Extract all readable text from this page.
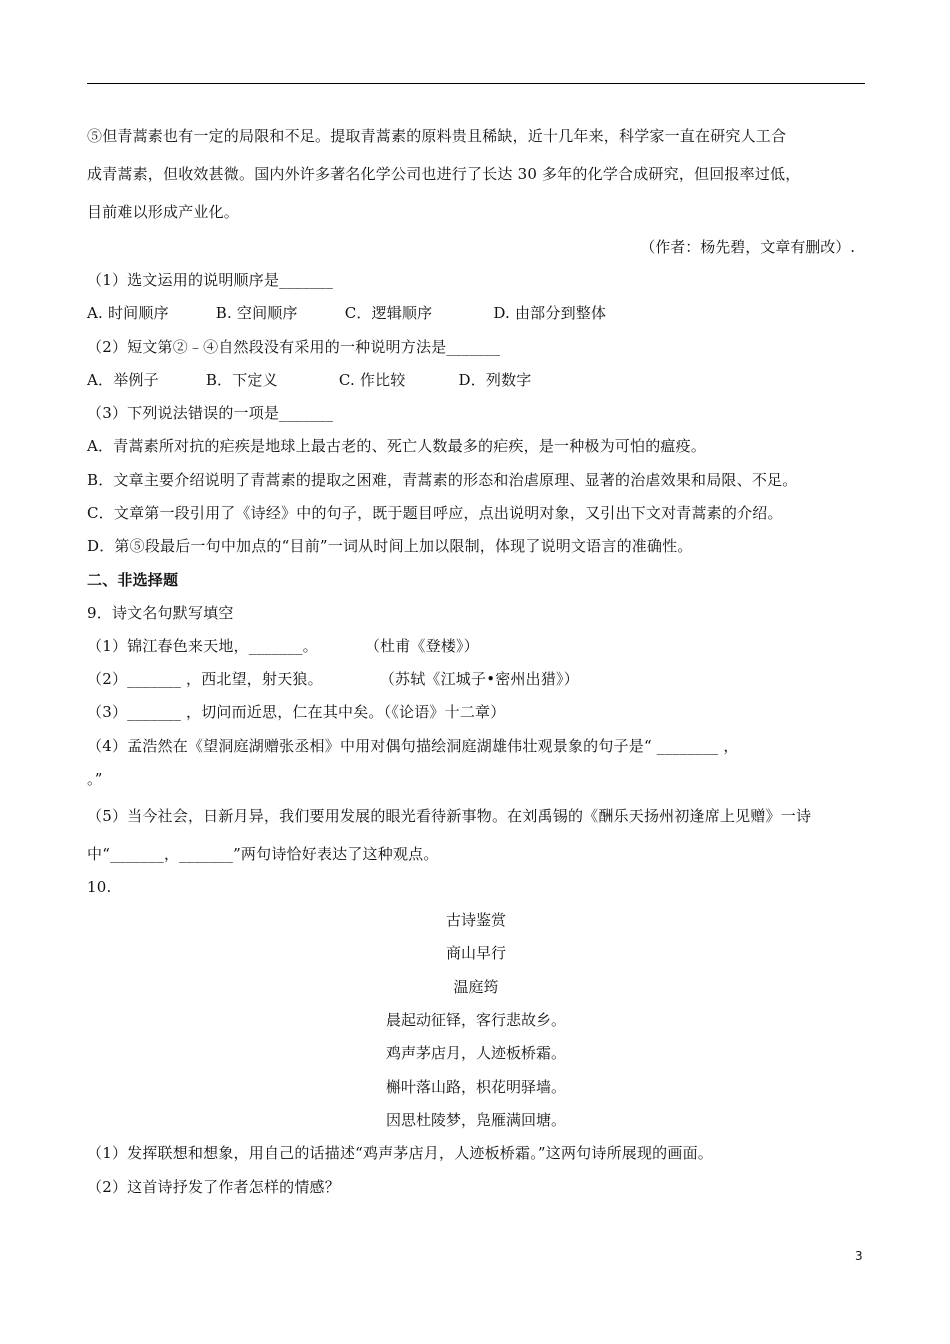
⑤但青蒿素也有一定的局限和不足。提取青蒿素的原料贵且稀缺，近十几年来，科学家一直在研究人工合
成青蒿素，但收效甚微。国内外许多著名化学公司也进行了长达 30 多年的化学合成研究，但回报率过低，
目前难以形成产业化。
（作者：杨先碧，文章有删改）.
（1）选文运用的说明顺序是_______
A. 时间顺序	B. 空间顺序	C．逻辑顺序	D. 由部分到整体
（2）短文第②﹣④自然段没有采用的一种说明方法是_______
A．举例子	B．下定义	C. 作比较	D．列数字
（3）下列说法错误的一项是_______
A．青蒿素所对抗的疟疾是地球上最古老的、死亡人数最多的疟疾，是一种极为可怕的瘟疫。
B．文章主要介绍说明了青蒿素的提取之困难，青蒿素的形态和治虐原理、显著的治虐效果和局限、不足。
C．文章第一段引用了《诗经》中的句子，既于题目呼应，点出说明对象，又引出下文对青蒿素的介绍。
D．第⑤段最后一句中加点的“目前”一词从时间上加以限制，体现了说明文语言的准确性。
二、非选择题
9．诗文名句默写填空
（1）锦江春色来天地，_______。	（杜甫《登楼》）
（2）_______ ，西北望，射天狼。	（苏轼《江城子•密州出猎》）
（3）_______ ，切问而近思，仁在其中矣。（《论语》十二章）
（4）孟浩然在《望洞庭湖赠张丞相》中用对偶句描绘洞庭湖雄伟壮观景象的句子是“ ________ ，
。”
（5）当今社会，日新月异，我们要用发展的眼光看待新事物。在刘禹锡的《酬乐天扬州初逢席上见赠》一诗
中“_______，_______”两句诗恰好表达了这种观点。
10.
古诗鉴赏
商山早行
温庭筠
晨起动征铎，客行悲故乡。
鸡声茅店月，人迹板桥霜。
槲叶落山路，枳花明驿墙。
因思杜陵梦，凫雁满回塘。
（1）发挥联想和想象，用自己的话描述“鸡声茅店月，人迹板桥霜。”这两句诗所展现的画面。
（2）这首诗抒发了作者怎样的情感？
3
